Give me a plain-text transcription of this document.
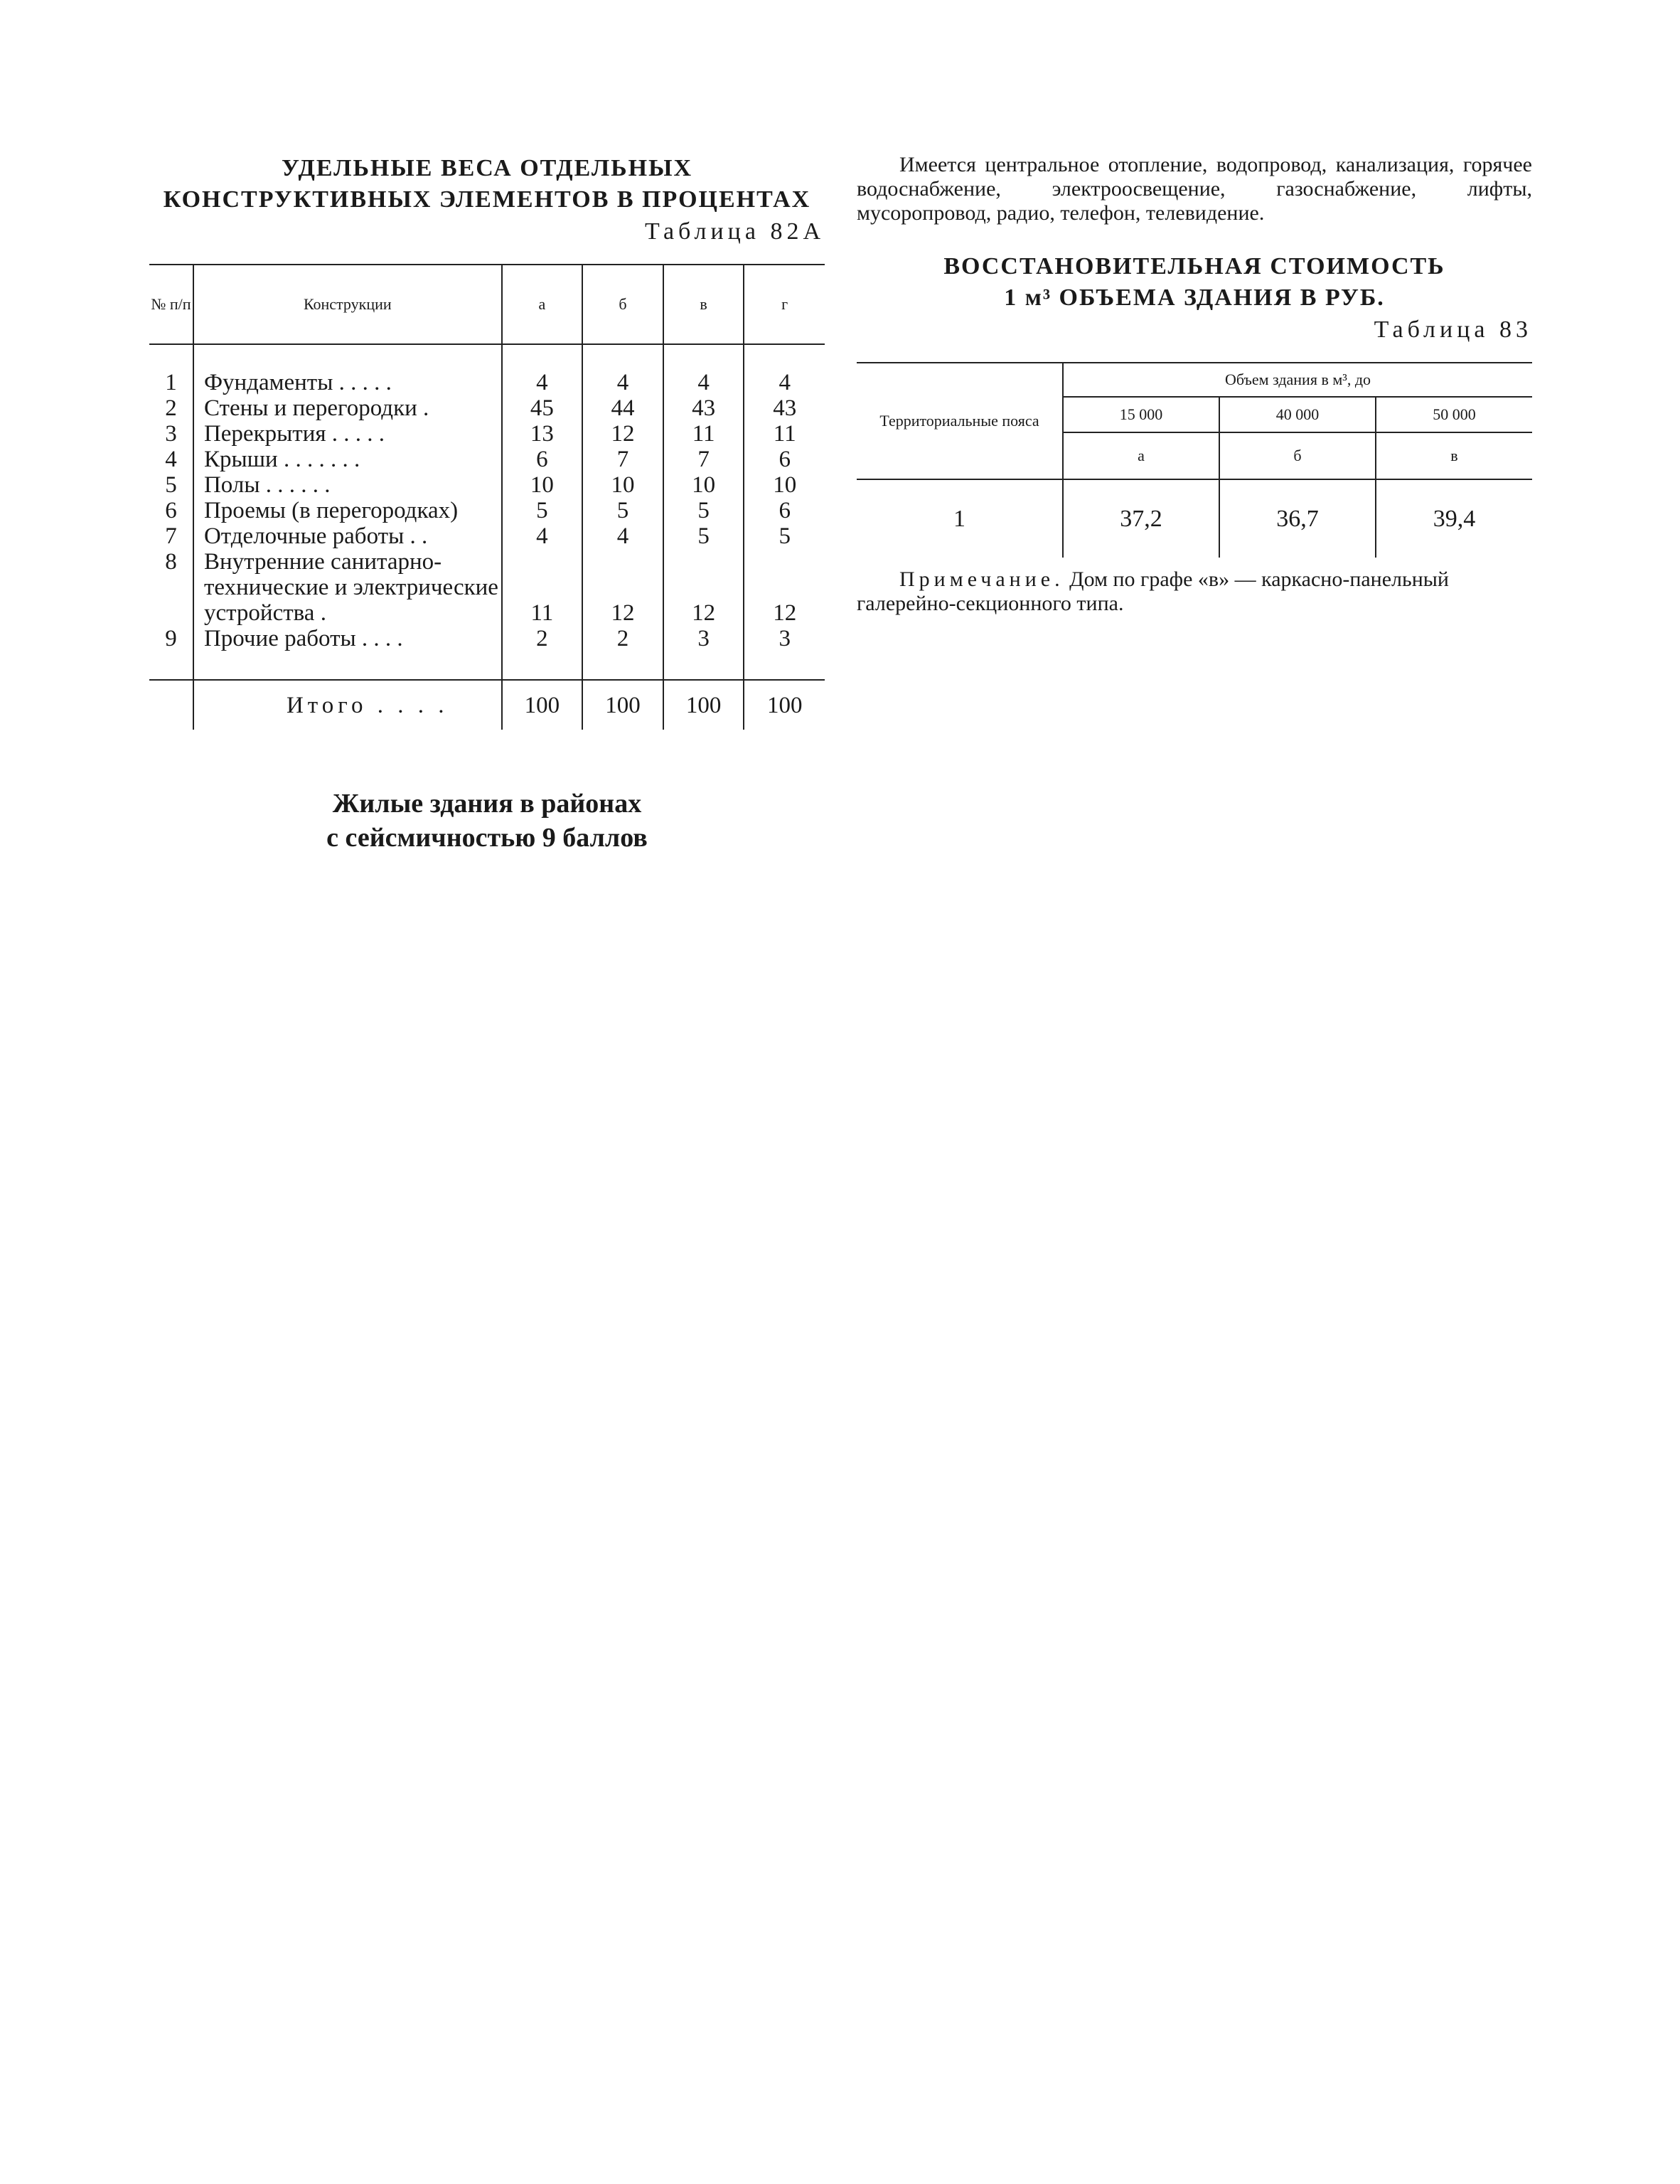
УДЕЛЬНЫЕ ВЕСА ОТДЕЛЬНЫХ

КОНСТРУКТИВНЫХ ЭЛЕМЕНТОВ В ПРОЦЕНТАХ

Таблица 82А

№ п/п	Конструкции	а	б	в	г

1	Фундаменты . . . . .	4	4	4	4
2	Стены и перегородки .	45	44	43	43
3	Перекрытия . . . . .	13	12	11	11
4	Крыши . . . . . . .	6	7	7	6
5	Полы . . . . . .	10	10	10	10
6	Проемы (в перегородках)	5	5	5	6
7	Отделочные работы . .	4	4	5	5
8	Внутренние санитарно-технические и электрические устройства .	11	12	12	12
9	Прочие работы . . . .	2	2	3	3

	Итого . . . .	100	100	100	100

Жилые здания в районах

с сейсмичностью 9 баллов

Имеется центральное отопление, водопровод, канализация, горячее водоснабжение, электроосвещение, газоснабжение, лифты, мусоропровод, радио, телефон, телевидение.

ВОССТАНОВИТЕЛЬНАЯ СТОИМОСТЬ

1 м³ ОБЪЕМА ЗДАНИЯ В РУБ.

Таблица 83

Территориальные пояса	Объем здания в м³, до		
	15 000	40 000	50 000
	а	б	в
1	37,2	36,7	39,4

Примечание. Дом по графе «в» — каркасно-панельный галерейно-секционного типа.
